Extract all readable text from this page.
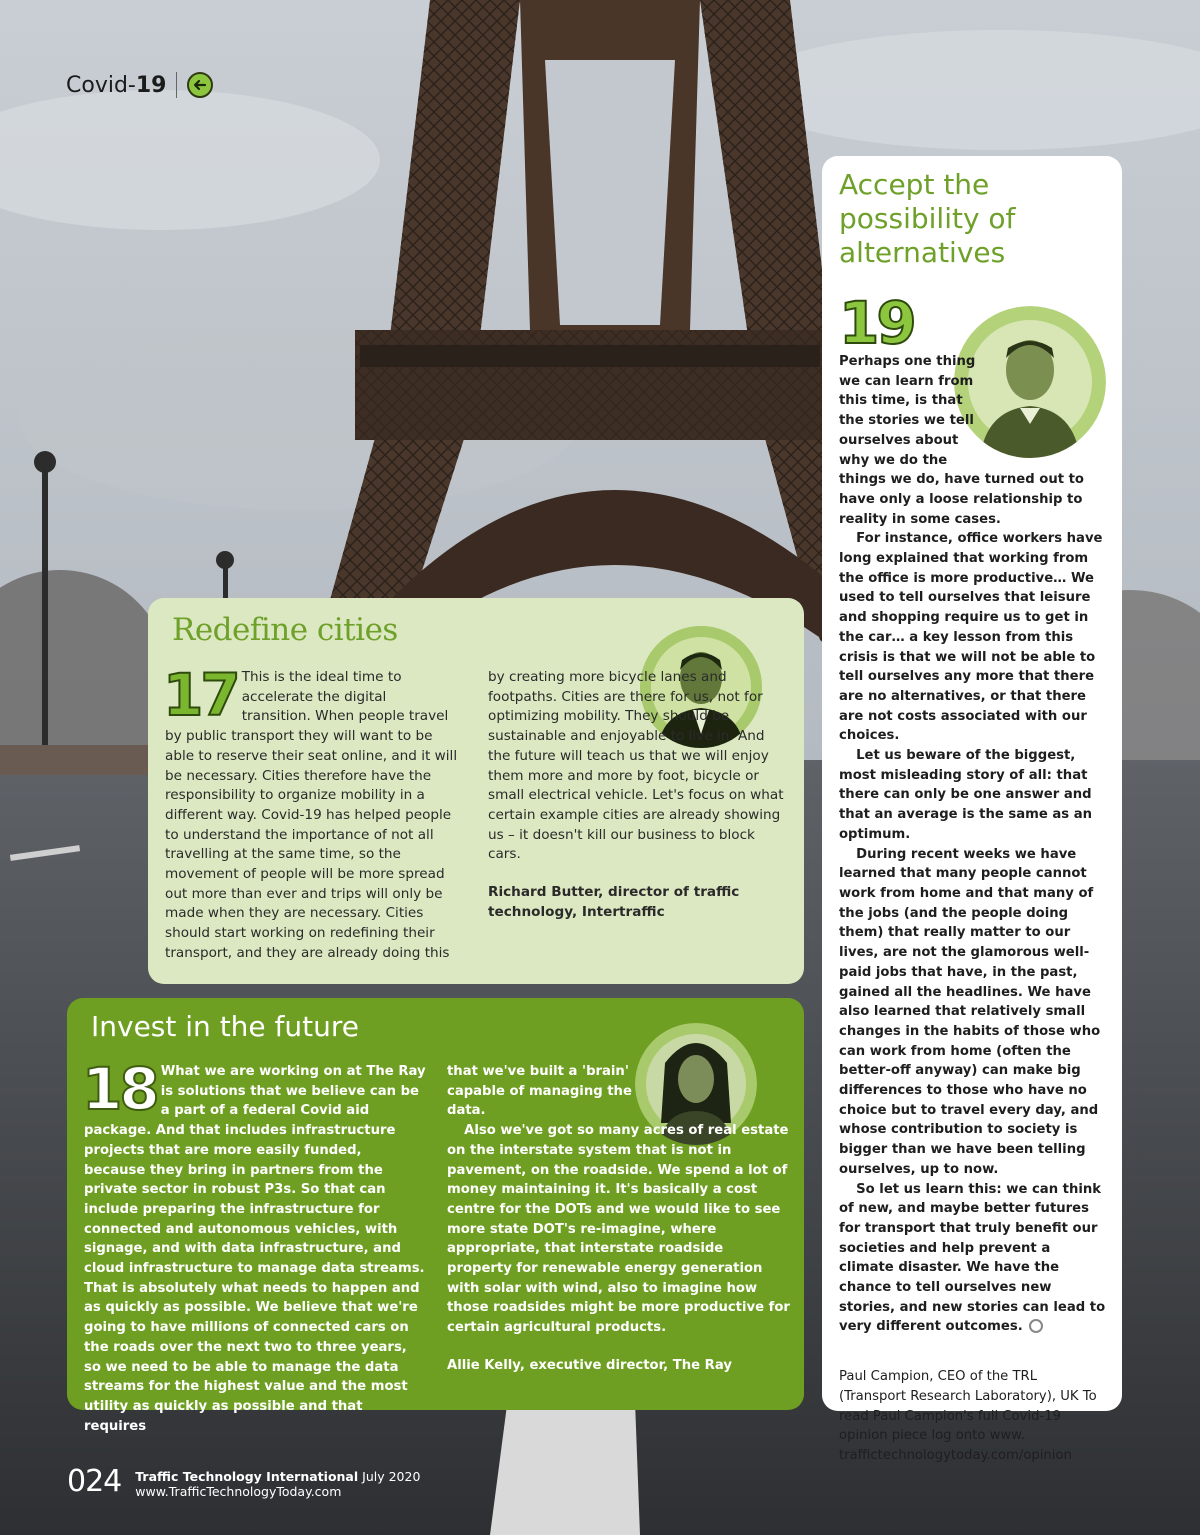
Covid- 19
Redefine cities
17 This is the ideal time to accelerate the digital transition. When people travel by public transport they will want to be able to reserve their seat online, and it will be necessary. Cities therefore have the responsibility to organize mobility in a different way. Covid-19 has helped people to understand the importance of not all travelling at the same time, so the movement of people will be more spread out more than ever and trips will only be made when they are necessary. Cities should start working on redefining their transport, and they are already doing this

by creating more bicycle lanes and footpaths. Cities are there for us, not for optimizing mobility. They should be sustainable and enjoyable to live in. And the future will teach us that we will enjoy them more and more by foot, bicycle or small electrical vehicle. Let's focus on what certain example cities are already showing us – it doesn't kill our business to block cars.

Richard Butter, director of traffic technology, Intertraffic

Invest in the future
18 What we are working on at The Ray is solutions that we believe can be a part of a federal Covid aid package. And that includes infrastructure projects that are more easily funded, because they bring in partners from the private sector in robust P3s. So that can include preparing the infrastructure for connected and autonomous vehicles, with signage, and with data infrastructure, and cloud infrastructure to manage data streams. That is absolutely what needs to happen and as quickly as possible. We believe that we're going to have millions of connected cars on the roads over the next two to three years, so we need to be able to manage the data streams for the highest value and the most utility as quickly as possible and that requires

that we've built a 'brain' capable of managing the data.

Also we've got so many acres of real estate on the interstate system that is not in pavement, on the roadside. We spend a lot of money maintaining it. It's basically a cost centre for the DOTs and we would like to see more state DOT's re-imagine, where appropriate, that interstate roadside property for renewable energy generation with solar with wind, also to imagine how those roadsides might be more productive for certain agricultural products.

Allie Kelly, executive director, The Ray

Accept the possibility of alternatives
19

Perhaps one thing we can learn from this time, is that the stories we tell ourselves about why we do the things we do, have turned out to have only a loose relationship to reality in some cases.

For instance, office workers have long explained that working from the office is more productive… We used to tell ourselves that leisure and shopping require us to get in the car… a key lesson from this crisis is that we will not be able to tell ourselves any more that there are no alternatives, or that there are not costs associated with our choices.

Let us beware of the biggest, most misleading story of all: that there can only be one answer and that an average is the same as an optimum.

During recent weeks we have learned that many people cannot work from home and that many of the jobs (and the people doing them) that really matter to our lives, are not the glamorous well-paid jobs that have, in the past, gained all the headlines. We have also learned that relatively small changes in the habits of those who can work from home (often the better-off anyway) can make big differences to those who have no choice but to travel every day, and whose contribution to society is bigger than we have been telling ourselves, up to now.

So let us learn this: we can think of new, and maybe better futures for transport that truly benefit our societies and help prevent a climate disaster. We have the chance to tell ourselves new stories, and new stories can lead to very different outcomes.

Paul Campion, CEO of the TRL (Transport Research Laboratory), UK To read Paul Campion's full Covid-19 opinion piece log onto www. traffictechnologytoday.com/opinion

024 Traffic Technology International July 2020
www.TrafficTechnologyToday.com
